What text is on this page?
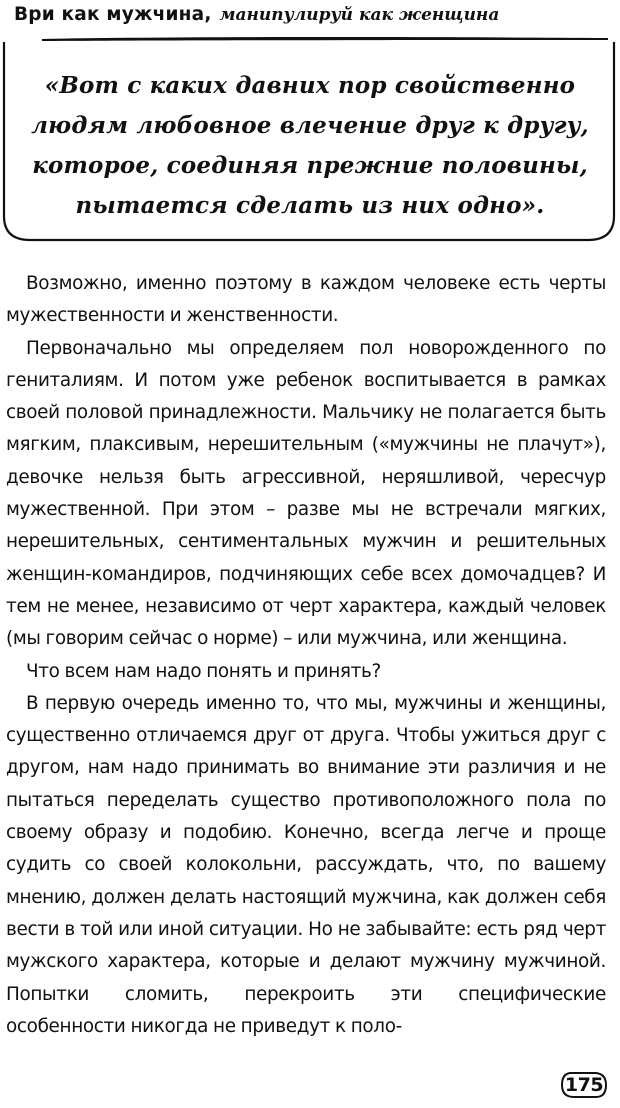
Ври как мужчина, манипулируй как женщина
«Вот с каких давних пор свойственно людям любовное влечение друг к другу, которое, соединяя прежние половины, пытается сделать из них одно».

Возможно, именно поэтому в каждом человеке есть черты мужественности и женственности.

Первоначально мы определяем пол новорожденного по гениталиям. И потом уже ребенок воспитывается в рамках своей половой принадлежности. Мальчику не полагается быть мягким, плаксивым, нерешительным («мужчины не плачут»), девочке нельзя быть агрессивной, неряшливой, чересчур мужественной. При этом – разве мы не встречали мягких, нерешительных, сентиментальных мужчин и решительных женщин-командиров, подчиняющих себе всех домочадцев? И тем не менее, независимо от черт характера, каждый человек (мы говорим сейчас о норме) – или мужчина, или женщина.

Что всем нам надо понять и принять?

В первую очередь именно то, что мы, мужчины и женщины, существенно отличаемся друг от друга. Чтобы ужиться друг с другом, нам надо принимать во внимание эти различия и не пытаться переделать существо противоположного пола по своему образу и подобию. Конечно, всегда легче и проще судить со своей колокольни, рассуждать, что, по вашему мнению, должен делать настоящий мужчина, как должен себя вести в той или иной ситуации. Но не забывайте: есть ряд черт мужского характера, которые и делают мужчину мужчиной. Попытки сломить, перекроить эти специфические особенности никогда не приведут к поло-

175
